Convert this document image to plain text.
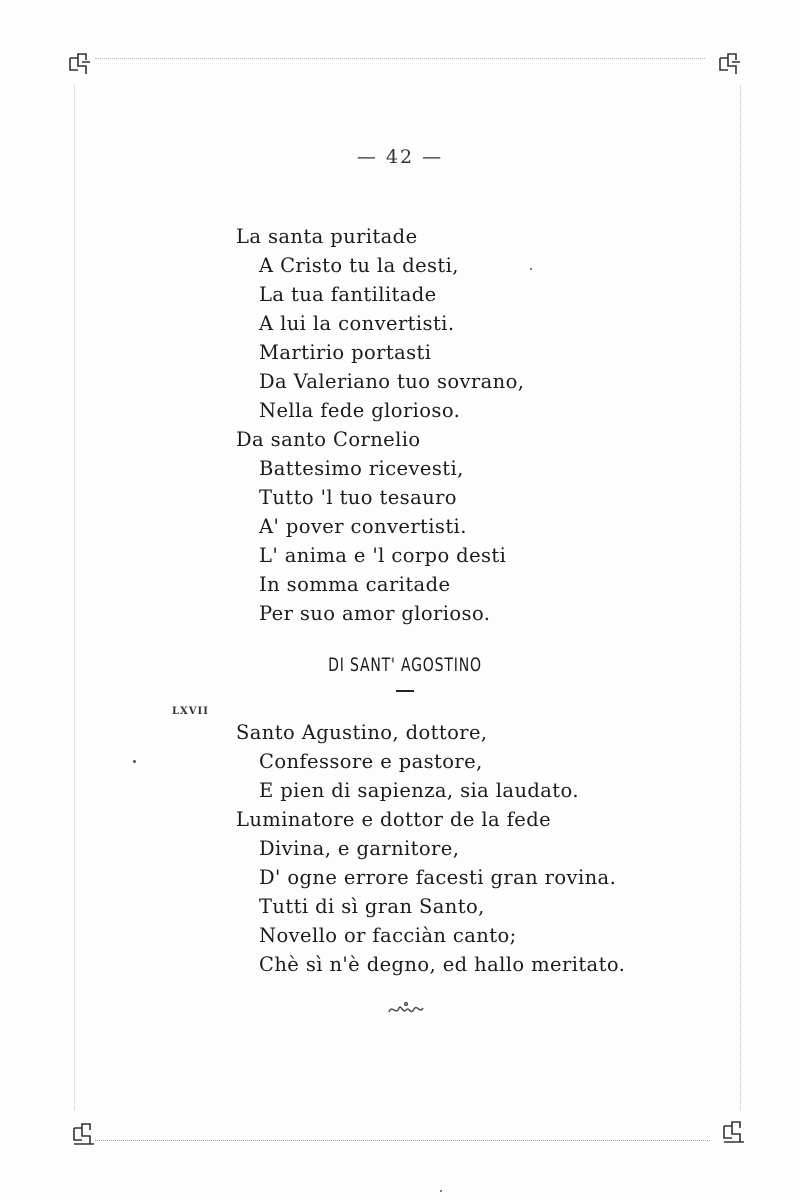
— 42 —
La santa puritade
A Cristo tu la desti,
La tua fantilitade
A lui la convertisti.
Martirio portasti
Da Valeriano tuo sovrano,
Nella fede glorioso.
Da santo Cornelio
Battesimo ricevesti,
Tutto 'l tuo tesauro
A' pover convertisti.
L' anima e 'l corpo desti
In somma caritade
Per suo amor glorioso.
DI SANT' AGOSTINO
LXVII
Santo Agustino, dottore,
Confessore e pastore,
E pien di sapienza, sia laudato.
Luminatore e dottor de la fede
Divina, e garnitore,
D' ogne errore facesti gran rovina.
Tutti di sì gran Santo,
Novello or facciàn canto;
Chè sì n'è degno, ed hallo meritato.
